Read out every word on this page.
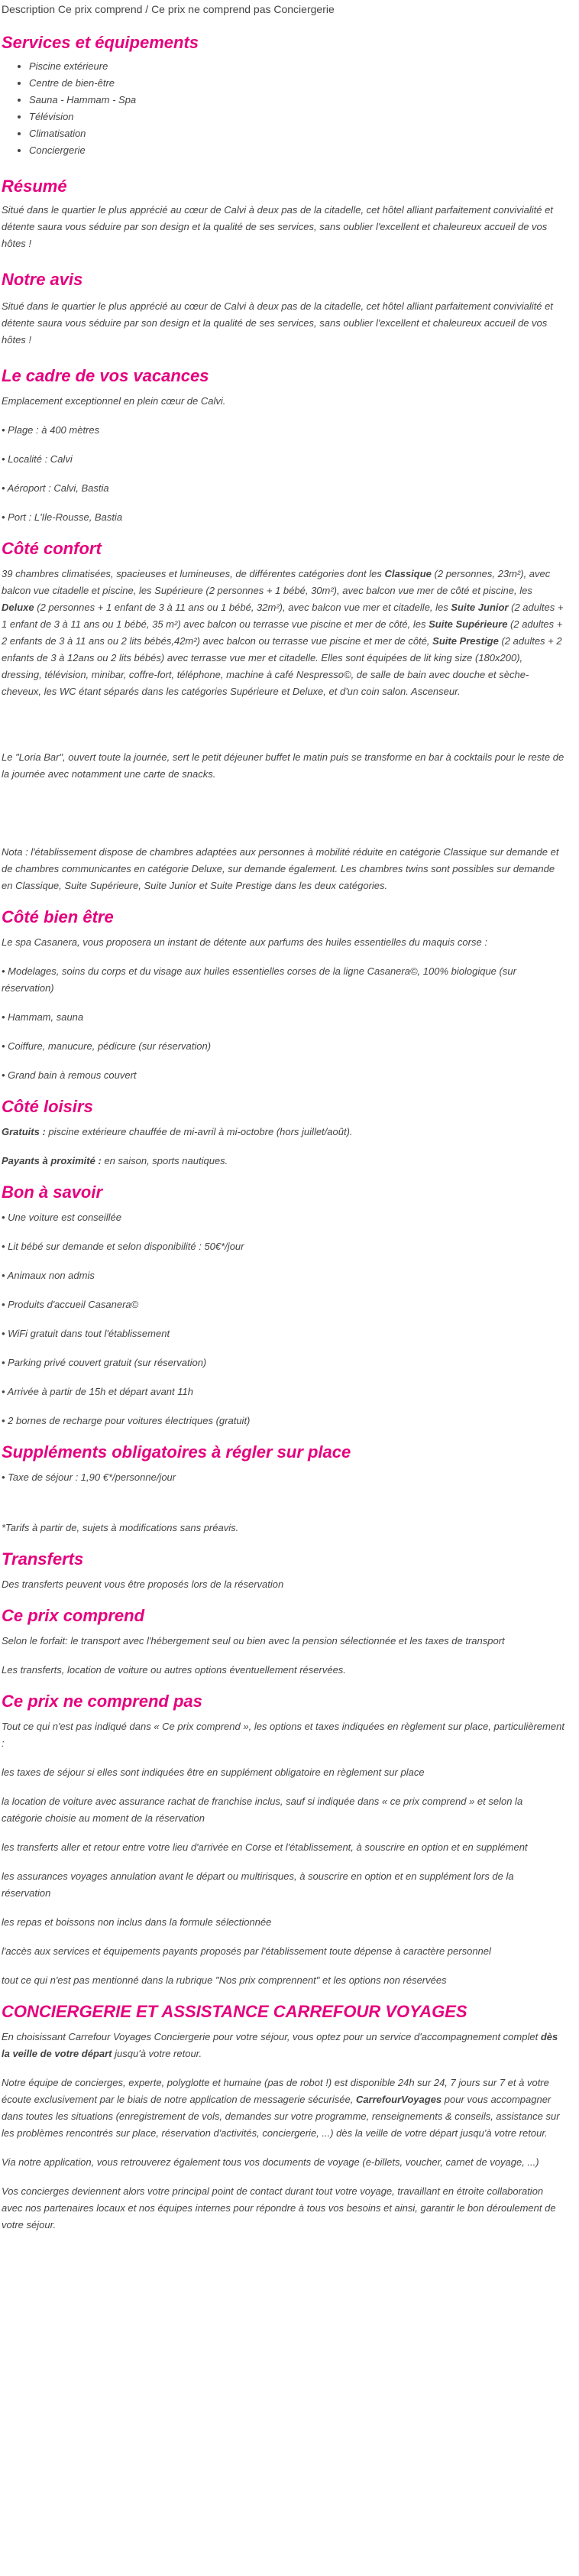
Description Ce prix comprend / Ce prix ne comprend pas Conciergerie
Services et équipements
• Piscine extérieure
• Centre de bien-être
• Sauna - Hammam - Spa
• Télévision
• Climatisation
• Conciergerie
Résumé

Situé dans le quartier le plus apprécié au cœur de Calvi à deux pas de la citadelle, cet hôtel alliant parfaitement convivialité et détente saura vous séduire par son design et la qualité de ses services, sans oublier l'excellent et chaleureux accueil de vos hôtes !

Notre avis

Situé dans le quartier le plus apprécié au cœur de Calvi à deux pas de la citadelle, cet hôtel alliant parfaitement convivialité et détente saura vous séduire par son design et la qualité de ses services, sans oublier l'excellent et chaleureux accueil de vos hôtes !

Le cadre de vos vacances

Emplacement exceptionnel en plein cœur de Calvi.

• Plage : à 400 mètres

• Localité : Calvi

• Aéroport : Calvi, Bastia

• Port : L'Ile-Rousse, Bastia

Côté confort

39 chambres climatisées, spacieuses et lumineuses, de différentes catégories dont les Classique (2 personnes, 23m²), avec balcon vue citadelle et piscine, les Supérieure (2 personnes + 1 bébé, 30m²), avec balcon vue mer de côté et piscine, les Deluxe (2 personnes + 1 enfant de 3 à 11 ans ou 1 bébé, 32m²), avec balcon vue mer et citadelle, les Suite Junior (2 adultes + 1 enfant de 3 à 11 ans ou 1 bébé, 35 m²) avec balcon ou terrasse vue piscine et mer de côté, les Suite Supérieure (2 adultes + 2 enfants de 3 à 11 ans ou 2 lits bébés,42m²) avec balcon ou terrasse vue piscine et mer de côté, Suite Prestige (2 adultes + 2 enfants de 3 à 12ans ou 2 lits bébés) avec terrasse vue mer et citadelle. Elles sont équipées de lit king size (180x200), dressing, télévision, minibar, coffre-fort, téléphone, machine à café Nespresso©, de salle de bain avec douche et sèche-cheveux, les WC étant séparés dans les catégories Supérieure et Deluxe, et d'un coin salon. Ascenseur.

Le "Loria Bar", ouvert toute la journée, sert le petit déjeuner buffet le matin puis se transforme en bar à cocktails pour le reste de la journée avec notamment une carte de snacks.

Nota : l'établissement dispose de chambres adaptées aux personnes à mobilité réduite en catégorie Classique sur demande et de chambres communicantes en catégorie Deluxe, sur demande également. Les chambres twins sont possibles sur demande en Classique, Suite Supérieure, Suite Junior et Suite Prestige dans les deux catégories.

Côté bien être

Le spa Casanera, vous proposera un instant de détente aux parfums des huiles essentielles du maquis corse :

• Modelages, soins du corps et du visage aux huiles essentielles corses de la ligne Casanera©, 100% biologique (sur réservation)

• Hammam, sauna

• Coiffure, manucure, pédicure (sur réservation)

• Grand bain à remous couvert

Côté loisirs

Gratuits : piscine extérieure chauffée de mi-avril à mi-octobre (hors juillet/août).

Payants à proximité : en saison, sports nautiques.

Bon à savoir

• Une voiture est conseillée

• Lit bébé sur demande et selon disponibilité : 50€*/jour

• Animaux non admis

• Produits d'accueil Casanera©

• WiFi gratuit dans tout l'établissement

• Parking privé couvert gratuit (sur réservation)

• Arrivée à partir de 15h et départ avant 11h

• 2 bornes de recharge pour voitures électriques (gratuit)

Suppléments obligatoires à régler sur place

• Taxe de séjour : 1,90 €*/personne/jour

*Tarifs à partir de, sujets à modifications sans préavis.

Transferts

Des transferts peuvent vous être proposés lors de la réservation

Ce prix comprend

Selon le forfait: le transport avec l'hébergement seul ou bien avec la pension sélectionnée et les taxes de transport

Les transferts, location de voiture ou autres options éventuellement réservées.

Ce prix ne comprend pas

Tout ce qui n'est pas indiqué dans « Ce prix comprend », les options et taxes indiquées en règlement sur place, particulièrement :

les taxes de séjour si elles sont indiquées être en supplément obligatoire en règlement sur place

la location de voiture avec assurance rachat de franchise inclus, sauf si indiquée dans « ce prix comprend » et selon la catégorie choisie au moment de la réservation

les transferts aller et retour entre votre lieu d'arrivée en Corse et l'établissement, à souscrire en option et en supplément

les assurances voyages annulation avant le départ ou multirisques, à souscrire en option et en supplément lors de la réservation

les repas et boissons non inclus dans la formule sélectionnée

l'accès aux services et équipements payants proposés par l'établissement toute dépense à caractère personnel

tout ce qui n'est pas mentionné dans la rubrique "Nos prix comprennent" et les options non réservées

CONCIERGERIE ET ASSISTANCE CARREFOUR VOYAGES

En choisissant Carrefour Voyages Conciergerie pour votre séjour, vous optez pour un service d'accompagnement complet dès la veille de votre départ jusqu'à votre retour.

Notre équipe de concierges, experte, polyglotte et humaine (pas de robot !) est disponible 24h sur 24, 7 jours sur 7 et à votre écoute exclusivement par le biais de notre application de messagerie sécurisée, CarrefourVoyages pour vous accompagner dans toutes les situations (enregistrement de vols, demandes sur votre programme, renseignements & conseils, assistance sur les problèmes rencontrés sur place, réservation d'activités, conciergerie, ...) dès la veille de votre départ jusqu'à votre retour.

Via notre application, vous retrouverez également tous vos documents de voyage (e-billets, voucher, carnet de voyage, ...)

Vos concierges deviennent alors votre principal point de contact durant tout votre voyage, travaillant en étroite collaboration avec nos partenaires locaux et nos équipes internes pour répondre à tous vos besoins et ainsi, garantir le bon déroulement de votre séjour.
